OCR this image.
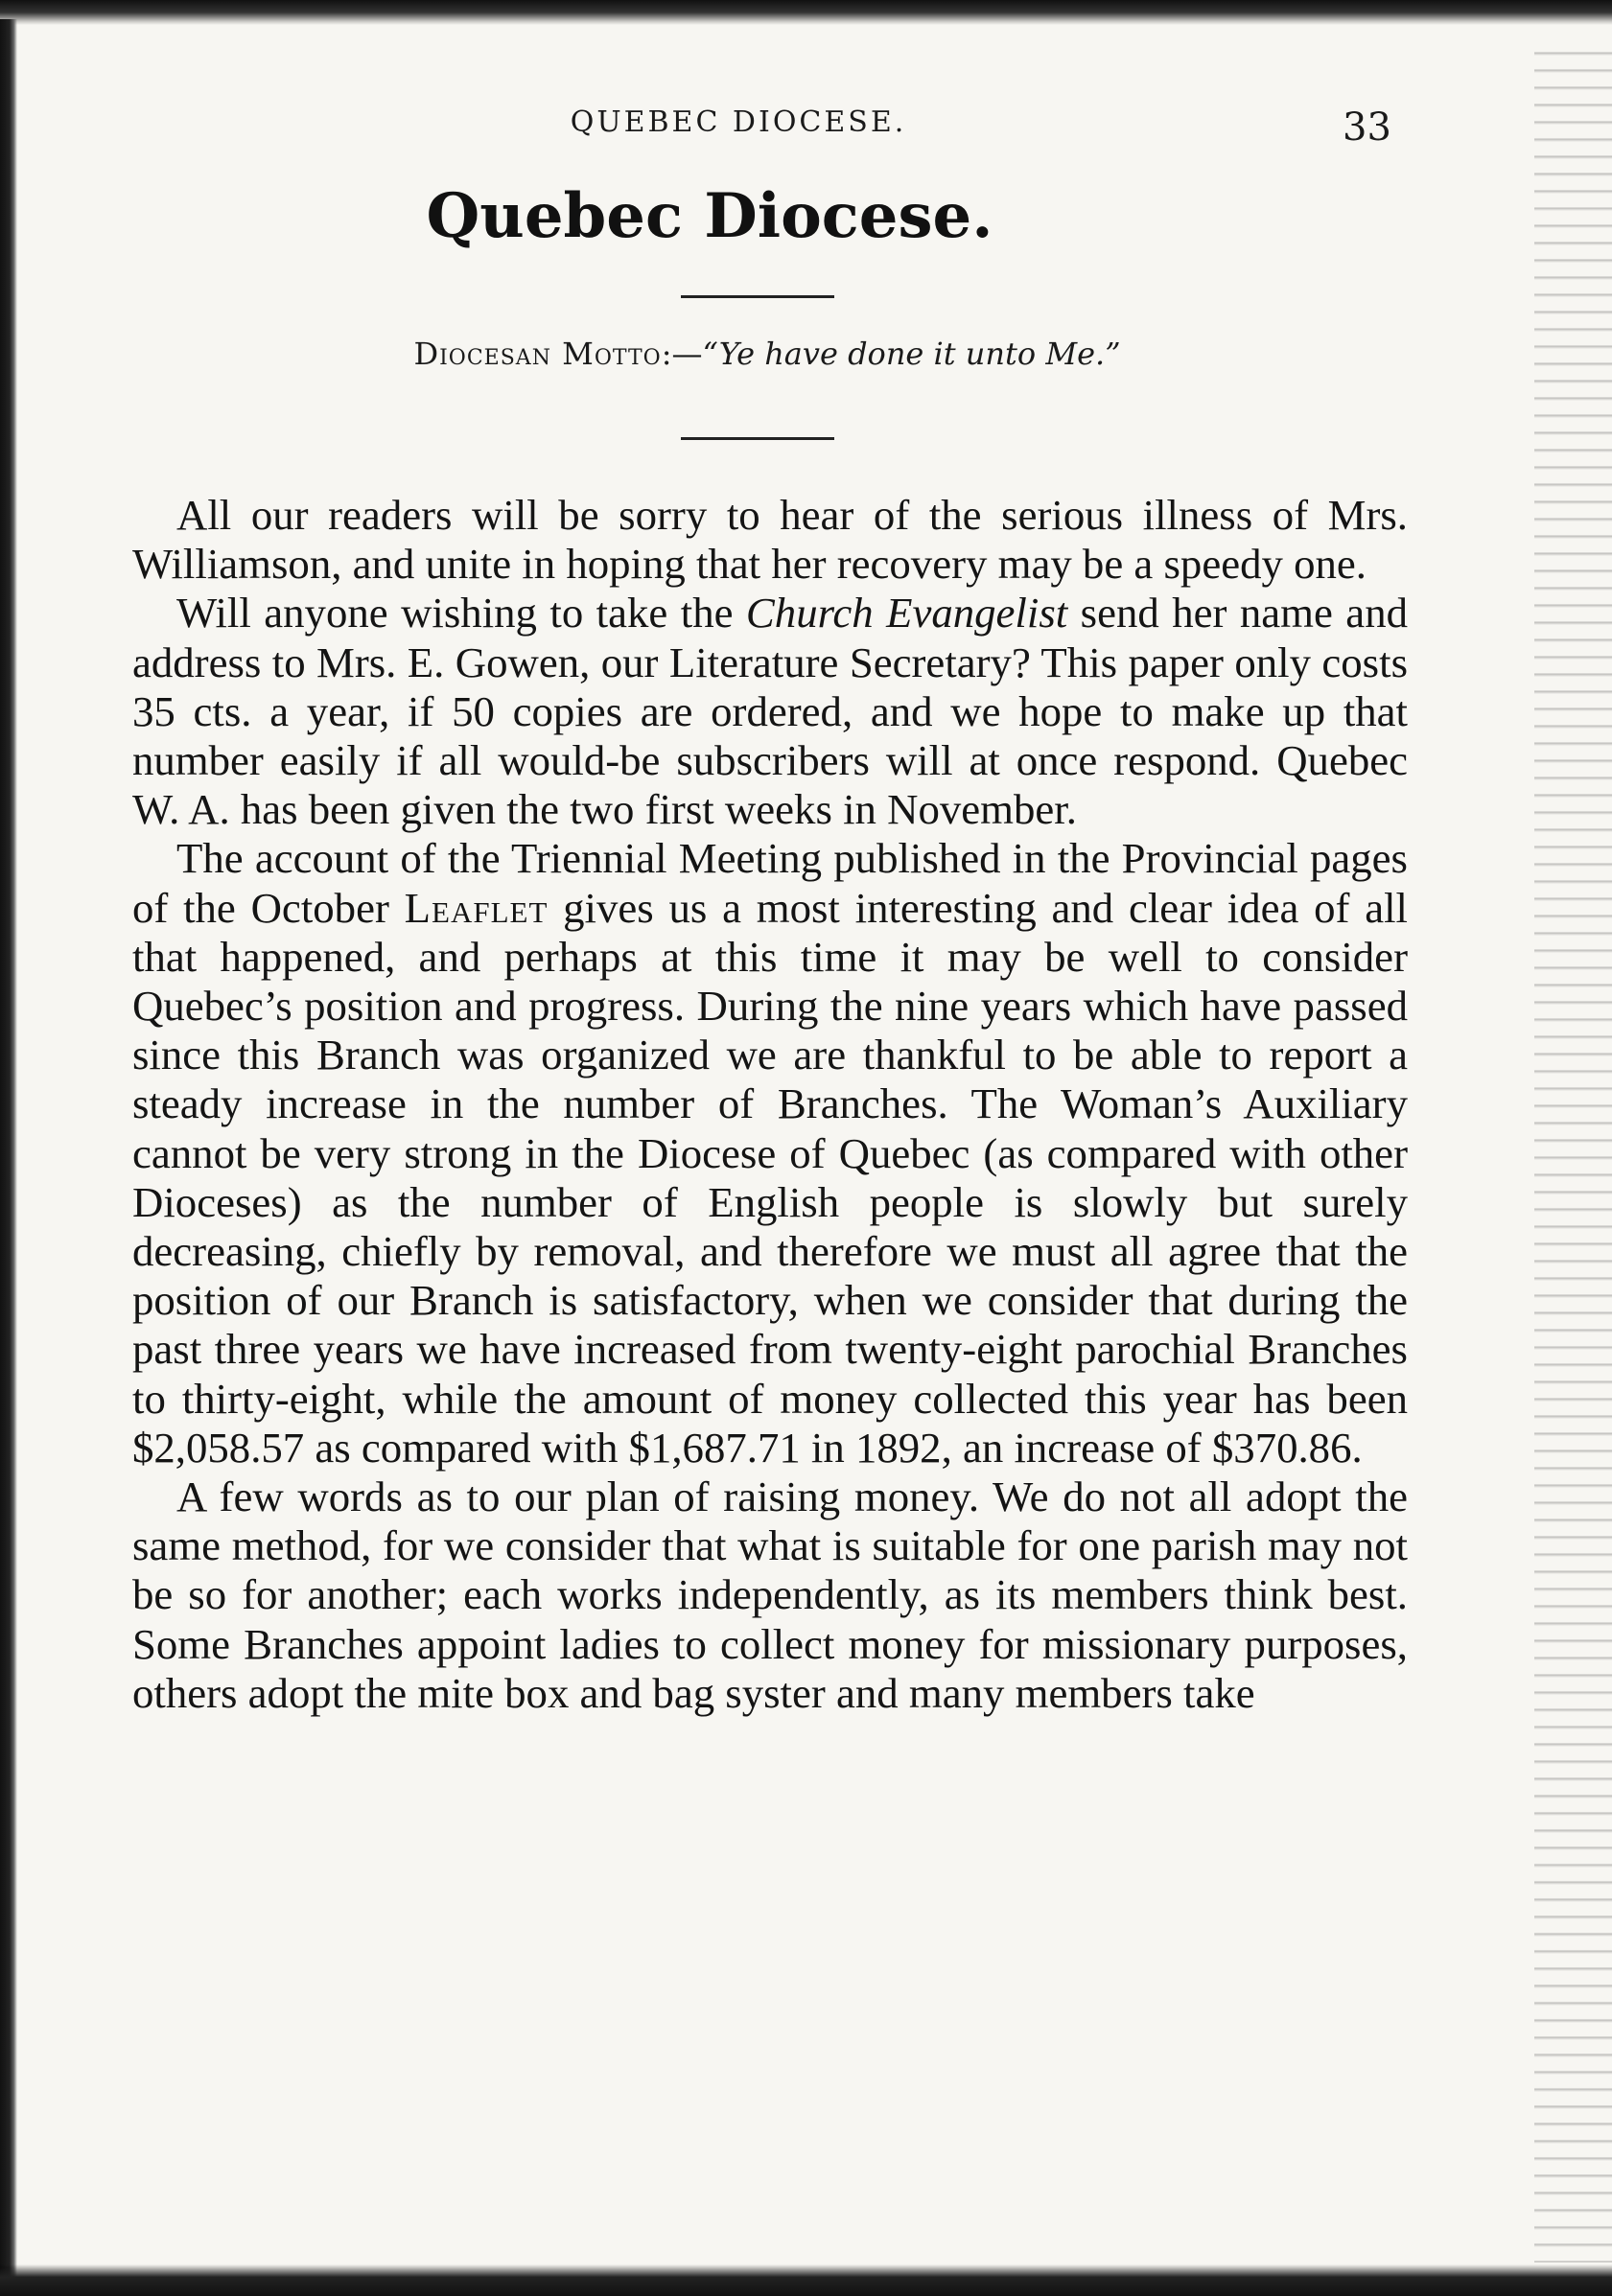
QUEBEC DIOCESE.	33
Quebec Diocese.
Diocesan Motto:—“Ye have done it unto Me.”

All our readers will be sorry to hear of the serious illness of Mrs. Williamson, and unite in hoping that her recovery may be a speedy one.

Will anyone wishing to take the Church Evangelist send her name and address to Mrs. E. Gowen, our Literature Secretary? This paper only costs 35 cts. a year, if 50 copies are ordered, and we hope to make up that number easily if all would-be subscribers will at once respond. Quebec W. A. has been given the two first weeks in November.

The account of the Triennial Meeting published in the Provincial pages of the October Leaflet gives us a most interesting and clear idea of all that happened, and perhaps at this time it may be well to consider Quebec’s position and progress. During the nine years which have passed since this Branch was organized we are thankful to be able to report a steady increase in the number of Branches. The Woman’s Auxiliary cannot be very strong in the Diocese of Quebec (as compared with other Dioceses) as the number of English people is slowly but surely decreasing, chiefly by removal, and therefore we must all agree that the position of our Branch is satisfactory, when we consider that during the past three years we have increased from twenty-eight parochial Branches to thirty-eight, while the amount of money collected this year has been $2,058.57 as compared with $1,687.71 in 1892, an increase of $370.86.

A few words as to our plan of raising money. We do not all adopt the same method, for we consider that what is suitable for one parish may not be so for another; each works independently, as its members think best. Some Branches appoint ladies to collect money for missionary purposes, others adopt the mite box and bag syster and many members take
